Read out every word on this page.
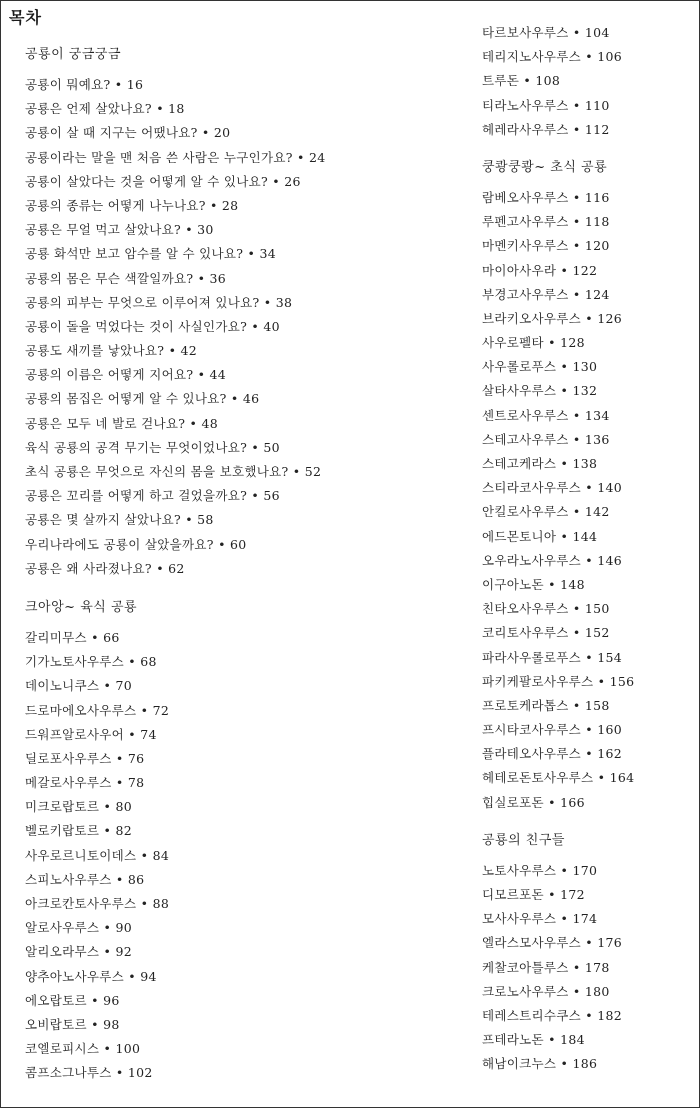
목차
공룡이 궁금궁금
공룡이 뭐예요? • 16
공룡은 언제 살았나요? • 18
공룡이 살 때 지구는 어땠나요? • 20
공룡이라는 말을 맨 처음 쓴 사람은 누구인가요? • 24
공룡이 살았다는 것을 어떻게 알 수 있나요? • 26
공룡의 종류는 어떻게 나누나요? • 28
공룡은 무얼 먹고 살았나요? • 30
공룡 화석만 보고 암수를 알 수 있나요? • 34
공룡의 몸은 무슨 색깔일까요? • 36
공룡의 피부는 무엇으로 이루어져 있나요? • 38
공룡이 돌을 먹었다는 것이 사실인가요? • 40
공룡도 새끼를 낳았나요? • 42
공룡의 이름은 어떻게 지어요? • 44
공룡의 몸집은 어떻게 알 수 있나요? • 46
공룡은 모두 네 발로 걷나요? • 48
육식 공룡의 공격 무기는 무엇이었나요? • 50
초식 공룡은 무엇으로 자신의 몸을 보호했나요? • 52
공룡은 꼬리를 어떻게 하고 걸었을까요? • 56
공룡은 몇 살까지 살았나요? • 58
우리나라에도 공룡이 살았을까요? • 60
공룡은 왜 사라졌나요? • 62
크아앙~ 육식 공룡
갈리미무스 • 66
기가노토사우루스 • 68
데이노니쿠스 • 70
드로마에오사우루스 • 72
드워프알로사우어 • 74
딜로포사우루스 • 76
메갈로사우루스 • 78
미크로랍토르 • 80
벨로키랍토르 • 82
사우로르니토이데스 • 84
스피노사우루스 • 86
아크로칸토사우루스 • 88
알로사우루스 • 90
알리오라무스 • 92
양추아노사우루스 • 94
에오랍토르 • 96
오비랍토르 • 98
코엘로피시스 • 100
콤프소그나투스 • 102
타르보사우루스 • 104
테리지노사우루스 • 106
트루돈 • 108
티라노사우루스 • 110
헤레라사우루스 • 112
쿵쾅쿵쾅~ 초식 공룡
람베오사우루스 • 116
루펜고사우루스 • 118
마멘키사우루스 • 120
마이아사우라 • 122
부경고사우루스 • 124
브라키오사우루스 • 126
사우로펠타 • 128
사우롤로푸스 • 130
살타사우루스 • 132
센트로사우루스 • 134
스테고사우루스 • 136
스테고케라스 • 138
스티라코사우루스 • 140
안킬로사우루스 • 142
에드몬토니아 • 144
오우라노사우루스 • 146
이구아노돈 • 148
친타오사우루스 • 150
코리토사우루스 • 152
파라사우롤로푸스 • 154
파키케팔로사우루스 • 156
프로토케라톱스 • 158
프시타코사우루스 • 160
플라테오사우루스 • 162
헤테로돈토사우루스 • 164
힙실로포돈 • 166
공룡의 친구들
노토사우루스 • 170
디모르포돈 • 172
모사사우루스 • 174
엘라스모사우루스 • 176
케찰코아틀루스 • 178
크로노사우루스 • 180
테레스트리수쿠스 • 182
프테라노돈 • 184
해남이크누스 • 186
